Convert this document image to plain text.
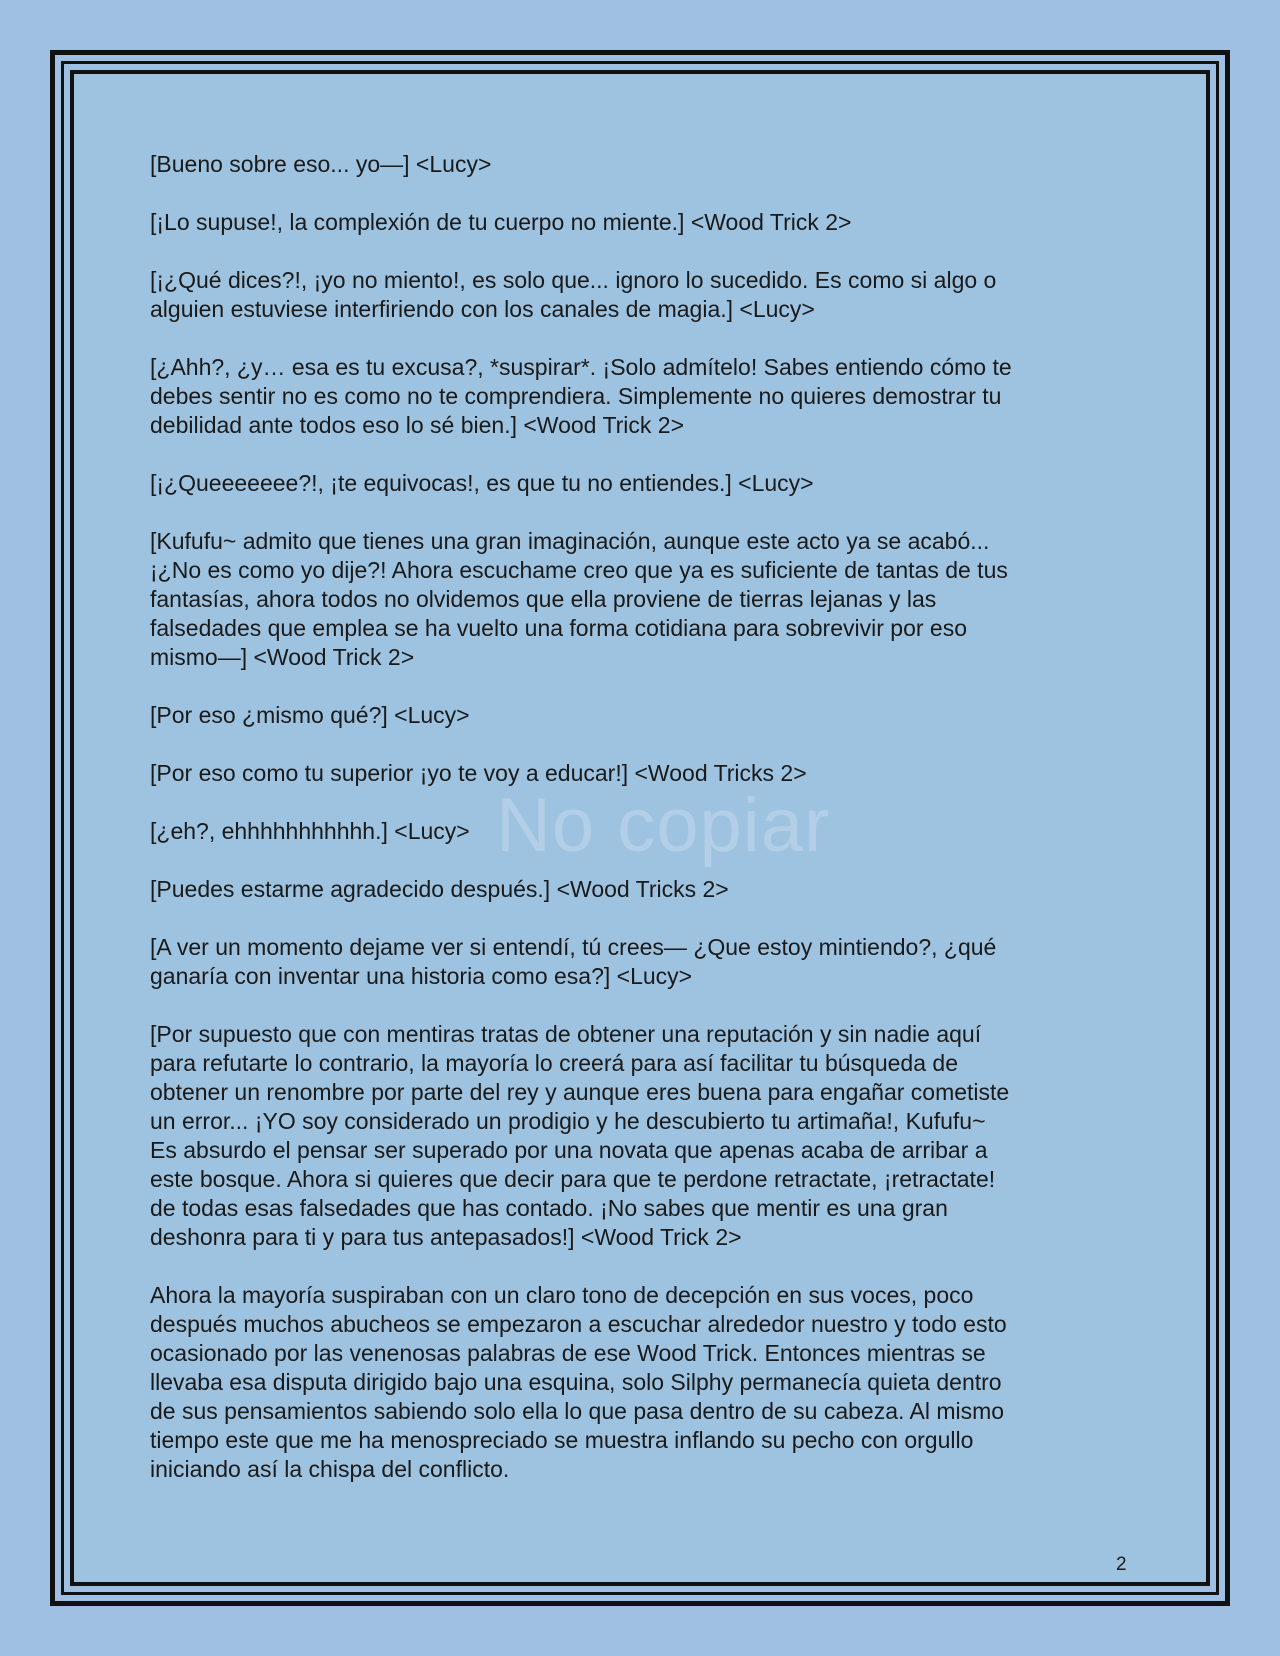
[Bueno sobre eso... yo—] <Lucy>

[¡Lo supuse!, la complexión de tu cuerpo no miente.] <Wood Trick 2>

[¡¿Qué dices?!, ¡yo no miento!, es solo que... ignoro lo sucedido. Es como si algo o
alguien estuviese interfiriendo con los canales de magia.] <Lucy>

[¿Ahh?, ¿y… esa es tu excusa?, *suspirar*. ¡Solo admítelo! Sabes entiendo cómo te
debes sentir no es como no te comprendiera. Simplemente no quieres demostrar tu
debilidad ante todos eso lo sé bien.] <Wood Trick 2>

[¡¿Queeeeeee?!, ¡te equivocas!, es que tu no entiendes.] <Lucy>

[Kufufu~ admito que tienes una gran imaginación, aunque este acto ya se acabó...
¡¿No es como yo dije?! Ahora escuchame creo que ya es suficiente de tantas de tus
fantasías, ahora todos no olvidemos que ella proviene de tierras lejanas y las
falsedades que emplea se ha vuelto una forma cotidiana para sobrevivir por eso
mismo—] <Wood Trick 2>

[Por eso ¿mismo qué?] <Lucy>

[Por eso como tu superior ¡yo te voy a educar!] <Wood Tricks 2>

[¿eh?, ehhhhhhhhhhh.] <Lucy>

[Puedes estarme agradecido después.] <Wood Tricks 2>

[A ver un momento dejame ver si entendí, tú crees— ¿Que estoy mintiendo?, ¿qué
ganaría con inventar una historia como esa?] <Lucy>

[Por supuesto que con mentiras tratas de obtener una reputación y sin nadie aquí
para refutarte lo contrario, la mayoría lo creerá para así facilitar tu búsqueda de
obtener un renombre por parte del rey y aunque eres buena para engañar cometiste
un error... ¡YO soy considerado un prodigio y he descubierto tu artimaña!, Kufufu~
Es absurdo el pensar ser superado por una novata que apenas acaba de arribar a
este bosque. Ahora si quieres que decir para que te perdone retractate, ¡retractate!
de todas esas falsedades que has contado. ¡No sabes que mentir es una gran
deshonra para ti y para tus antepasados!] <Wood Trick 2>

Ahora la mayoría suspiraban con un claro tono de decepción en sus voces, poco
después muchos abucheos se empezaron a escuchar alrededor nuestro y todo esto
ocasionado por las venenosas palabras de ese Wood Trick. Entonces mientras se
llevaba esa disputa dirigido bajo una esquina, solo Silphy permanecía quieta dentro
de sus pensamientos sabiendo solo ella lo que pasa dentro de su cabeza. Al mismo
tiempo este que me ha menospreciado se muestra inflando su pecho con orgullo
iniciando así la chispa del conflicto.

No copiar
2
